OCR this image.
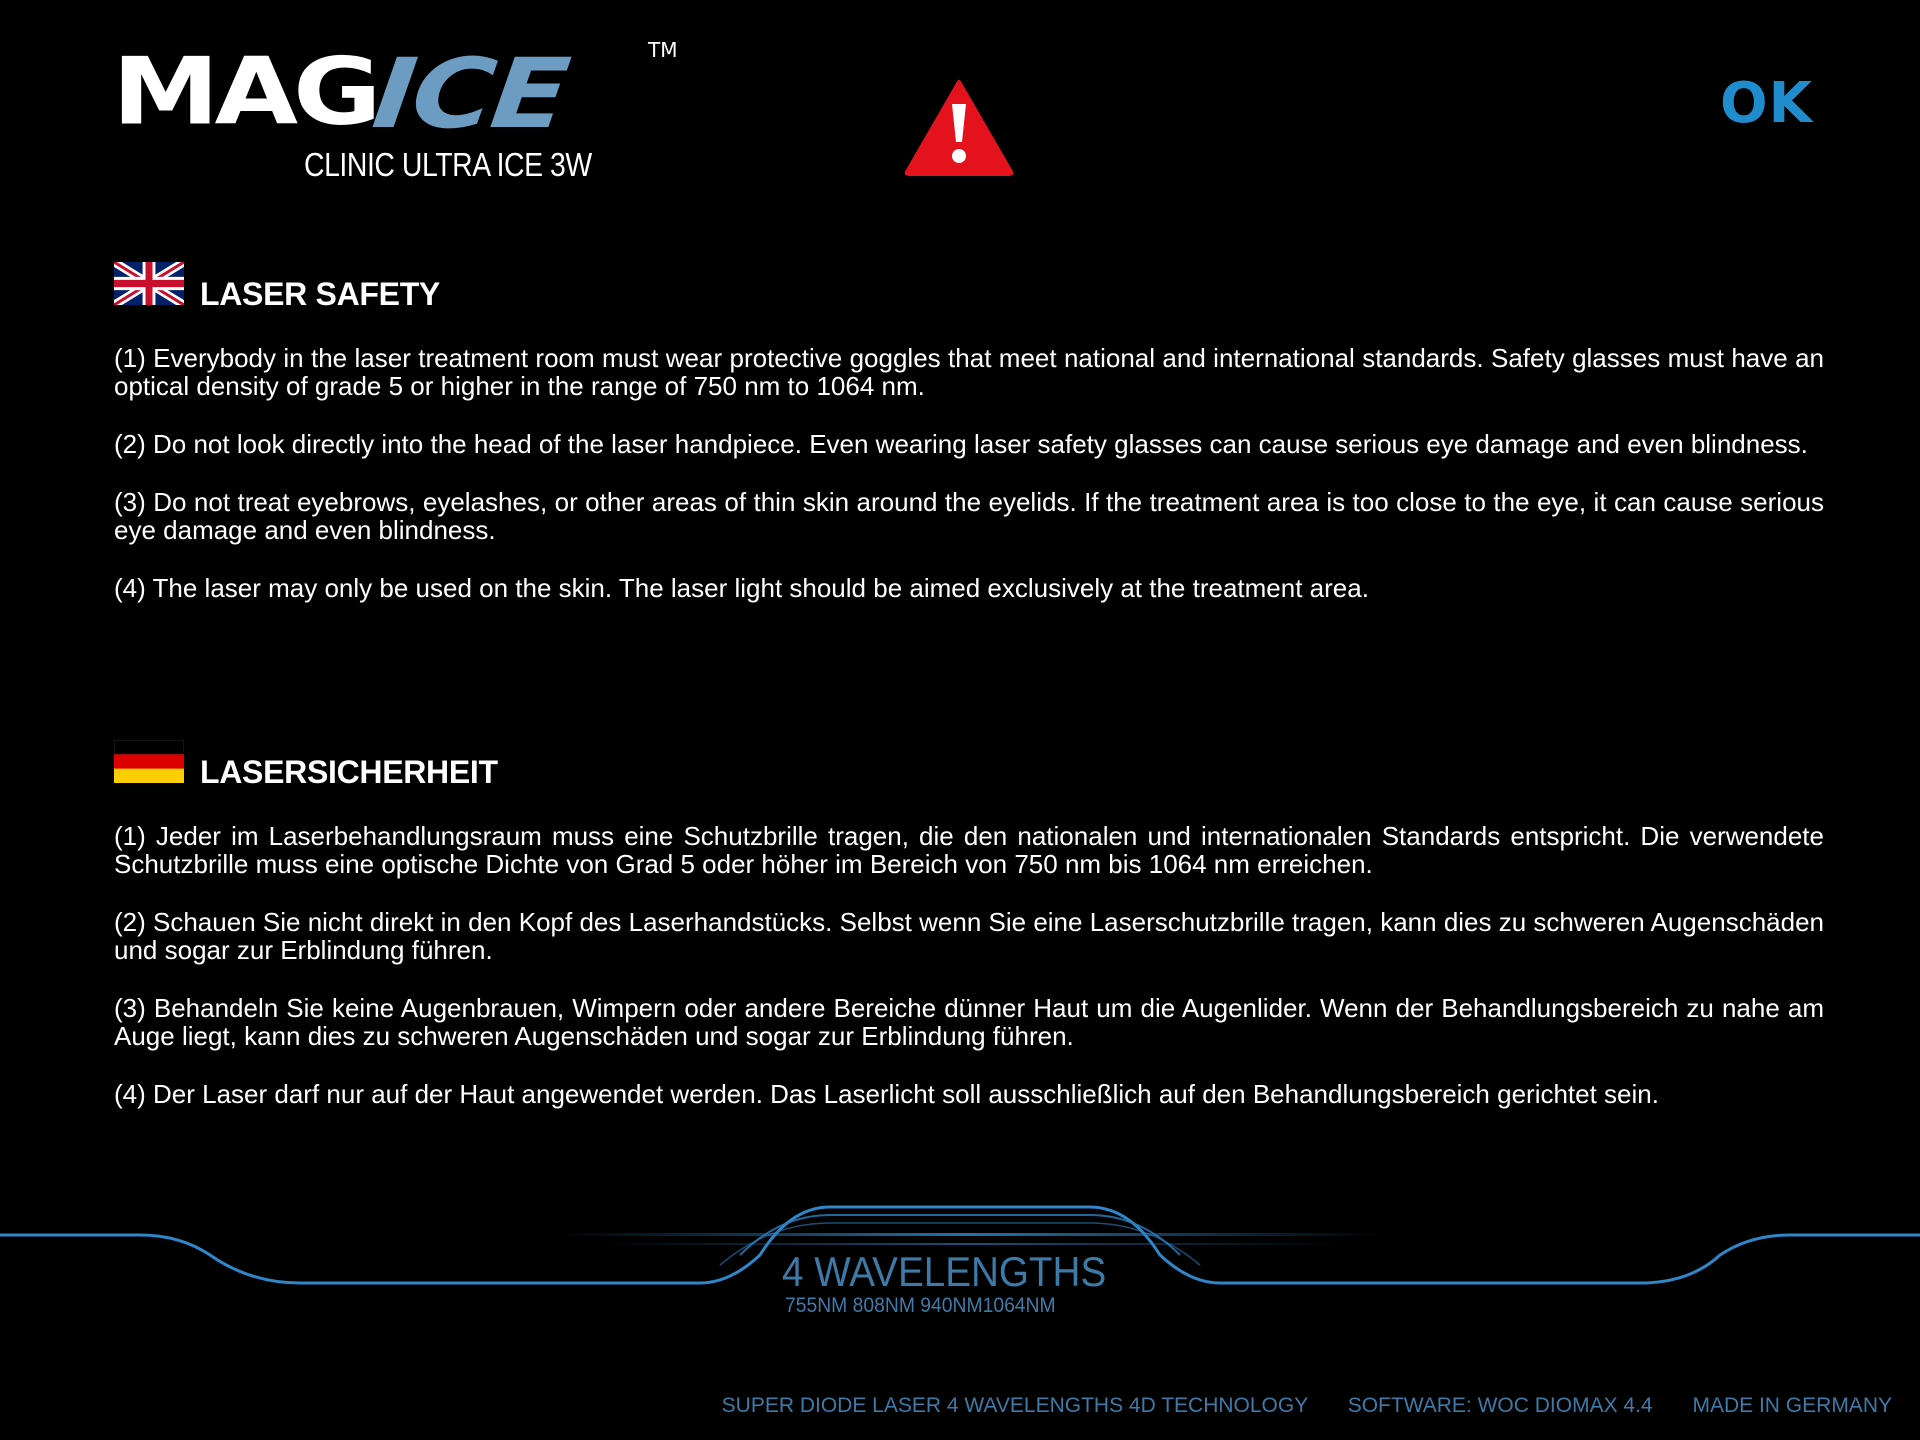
MAG
ICE	TM
CLINIC ULTRA ICE 3W
OK
LASER SAFETY

(1) Everybody in the laser treatment room must wear protective goggles that meet national and international standards. Safety glasses must have an optical density of grade 5 or higher in the range of 750 nm to 1064 nm.

(2) Do not look directly into the head of the laser handpiece. Even wearing laser safety glasses can cause serious eye damage and even blindness.

(3) Do not treat eyebrows, eyelashes, or other areas of thin skin around the eyelids. If the treatment area is too close to the eye, it can cause serious eye damage and even blindness.

(4) The laser may only be used on the skin. The laser light should be aimed exclusively at the treatment area.

LASERSICHERHEIT

(1) Jeder im Laserbehandlungsraum muss eine Schutzbrille tragen, die den nationalen und internationalen Standards entspricht. Die verwendete Schutzbrille muss eine optische Dichte von Grad 5 oder höher im Bereich von 750 nm bis 1064 nm erreichen.

(2) Schauen Sie nicht direkt in den Kopf des Laserhandstücks. Selbst wenn Sie eine Laserschutzbrille tragen, kann dies zu schweren Augenschäden und sogar zur Erblindung führen.

(3) Behandeln Sie keine Augenbrauen, Wimpern oder andere Bereiche dünner Haut um die Augenlider. Wenn der Behandlungsbereich zu nahe am Auge liegt, kann dies zu schweren Augenschäden und sogar zur Erblindung führen.

(4) Der Laser darf nur auf der Haut angewendet werden. Das Laserlicht soll ausschließlich auf den Behandlungsbereich gerichtet sein.

4 WAVELENGTHS
755NM 808NM 940NM1064NM
SUPER DIODE LASER 4 WAVELENGTHS 4D TECHNOLOGY SOFTWARE: WOC DIOMAX 4.4 MADE IN GERMANY
